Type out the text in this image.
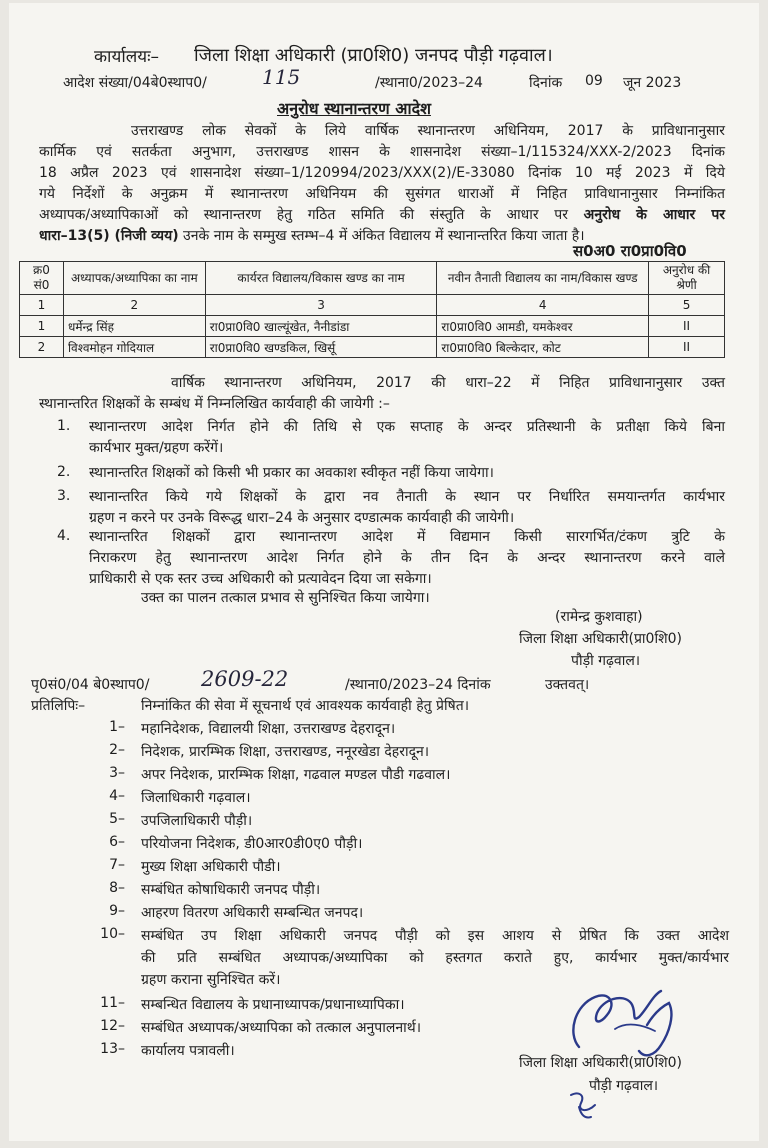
कार्यालयः– जिला शिक्षा अधिकारी (प्रा0शि0) जनपद पौड़ी गढ़वाल।
आदेश संख्या/04बे0स्थाप0/	115	/स्थाना0/2023–24	दिनांक 09 जून 2023
अनुरोध स्थानान्तरण आदेश
उत्तराखण्ड लोक सेवकों के लिये वार्षिक स्थानान्तरण अधिनियम, 2017 के प्राविधानानुसार
कार्मिक एवं सतर्कता अनुभाग, उत्तराखण्ड शासन के शासनादेश संख्या–1/115324/XXX-2/2023 दिनांक
18 अप्रैल 2023 एवं शासनादेश संख्या–1/120994/2023/XXX(2)/E-33080 दिनांक 10 मई 2023 में दिये
गये निर्देशों के अनुक्रम में स्थानान्तरण अधिनियम की सुसंगत धाराओं में निहित प्राविधानानुसार निम्नांकित
अध्यापक/अध्यापिकाओं को स्थानान्तरण हेतु गठित समिति की संस्तुति के आधार पर अनुरोध के आधार पर
धारा–13(5) (निजी व्यय) उनके नाम के सम्मुख स्तम्भ–4 में अंकित विद्यालय में स्थानान्तरित किया जाता है।
स0अ0 रा0प्रा0वि0
क्र0 सं0	अध्यापक/अध्यापिका का नाम	कार्यरत विद्यालय/विकास खण्ड का नाम	नवीन तैनाती विद्यालय का नाम/विकास खण्ड	अनुरोध की श्रेणी
1	2	3	4	5
1	धर्मेन्द्र सिंह	रा0प्रा0वि0 खाल्यूंखेत, नैनीडांडा	रा0प्रा0वि0 आमडी, यमकेश्वर	II
2	विश्वमोहन गोदियाल	रा0प्रा0वि0 खण्डकिल, खिर्सू	रा0प्रा0वि0 बिल्केदार, कोट	II
वार्षिक स्थानान्तरण अधिनियम, 2017 की धारा–22 में निहित प्राविधानानुसार उक्त
स्थानान्तरित शिक्षकों के सम्बंध में निम्नलिखित कार्यवाही की जायेगी :–
1. स्थानान्तरण आदेश निर्गत होने की तिथि से एक सप्ताह के अन्दर प्रतिस्थानी के प्रतीक्षा किये बिना
कार्यभार मुक्त/ग्रहण करेंगें।
2. स्थानान्तरित शिक्षकों को किसी भी प्रकार का अवकाश स्वीकृत नहीं किया जायेगा।
3. स्थानान्तरित किये गये शिक्षकों के द्वारा नव तैनाती के स्थान पर निर्धारित समयान्तर्गत कार्यभार
ग्रहण न करने पर उनके विरूद्ध धारा–24 के अनुसार दण्डात्मक कार्यवाही की जायेगी।
4. स्थानान्तरित शिक्षकों द्वारा स्थानान्तरण आदेश में विद्यमान किसी सारगर्भित/टंकण त्रुटि के
निराकरण हेतु स्थानान्तरण आदेश निर्गत होने के तीन दिन के अन्दर स्थानान्तरण करने वाले
प्राधिकारी से एक स्तर उच्च अधिकारी को प्रत्यावेदन दिया जा सकेगा।
उक्त का पालन तत्काल प्रभाव से सुनिश्चित किया जायेगा।
(रामेन्द्र कुशवाहा)
जिला शिक्षा अधिकारी(प्रा0शि0)
पौड़ी गढ़वाल।
पृ0सं0/04 बे0स्थाप0/ 2609-22	/स्थाना0/2023–24 दिनांक	उक्तवत्।
प्रतिलिपिः–	निम्नांकित की सेवा में सूचनार्थ एवं आवश्यक कार्यवाही हेतु प्रेषित।
1– महानिदेशक, विद्यालयी शिक्षा, उत्तराखण्ड देहरादून।
2– निदेशक, प्रारम्भिक शिक्षा, उत्तराखण्ड, ननूरखेडा देहरादून।
3– अपर निदेशक, प्रारम्भिक शिक्षा, गढवाल मण्डल पौडी गढवाल।
4– जिलाधिकारी गढ़वाल।
5– उपजिलाधिकारी पौड़ी।
6– परियोजना निदेशक, डी0आर0डी0ए0 पौड़ी।
7– मुख्य शिक्षा अधिकारी पौडी।
8– सम्बंधित कोषाधिकारी जनपद पौड़ी।
9– आहरण वितरण अधिकारी सम्बन्धित जनपद।
10– सम्बंधित उप शिक्षा अधिकारी जनपद पौड़ी को इस आशय से प्रेषित कि उक्त आदेश
की प्रति सम्बंधित अध्यापक/अध्यापिका को हस्तगत कराते हुए, कार्यभार मुक्त/कार्यभार
ग्रहण कराना सुनिश्चित करें।
11– सम्बन्धित विद्यालय के प्रधानाध्यापक/प्रधानाध्यापिका।
12– सम्बंधित अध्यापक/अध्यापिका को तत्काल अनुपालनार्थ।
13– कार्यालय पत्रावली।
जिला शिक्षा अधिकारी(प्रा0शि0)
पौड़ी गढ़वाल।
